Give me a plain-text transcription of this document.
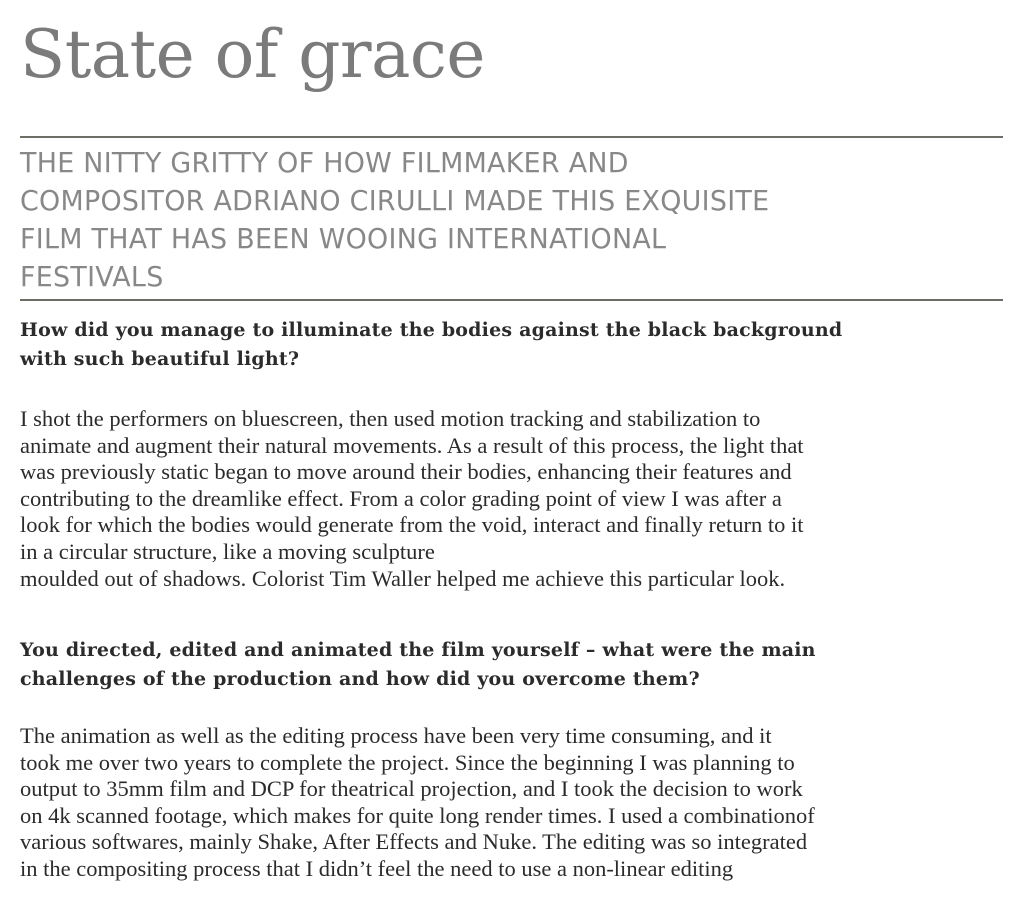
State of grace
THE NITTY GRITTY OF HOW FILMMAKER AND
COMPOSITOR ADRIANO CIRULLI MADE THIS EXQUISITE
FILM THAT HAS BEEN WOOING INTERNATIONAL
FESTIVALS
How did you manage to illuminate the bodies against the black background
with such beautiful light?

I shot the performers on bluescreen, then used motion tracking and stabilization to
animate and augment their natural movements. As a result of this process, the light that
was previously static began to move around their bodies, enhancing their features and
contributing to the dreamlike effect. From a color grading point of view I was after a
look for which the bodies would generate from the void, interact and finally return to it
in a circular structure, like a moving sculpture
moulded out of shadows. Colorist Tim Waller helped me achieve this particular look.

You directed, edited and animated the film yourself – what were the main
challenges of the production and how did you overcome them?

The animation as well as the editing process have been very time consuming, and it
took me over two years to complete the project. Since the beginning I was planning to
output to 35mm film and DCP for theatrical projection, and I took the decision to work
on 4k scanned footage, which makes for quite long render times. I used a combinationof
various softwares, mainly Shake, After Effects and Nuke. The editing was so integrated
in the compositing process that I didn’t feel the need to use a non-linear editing
